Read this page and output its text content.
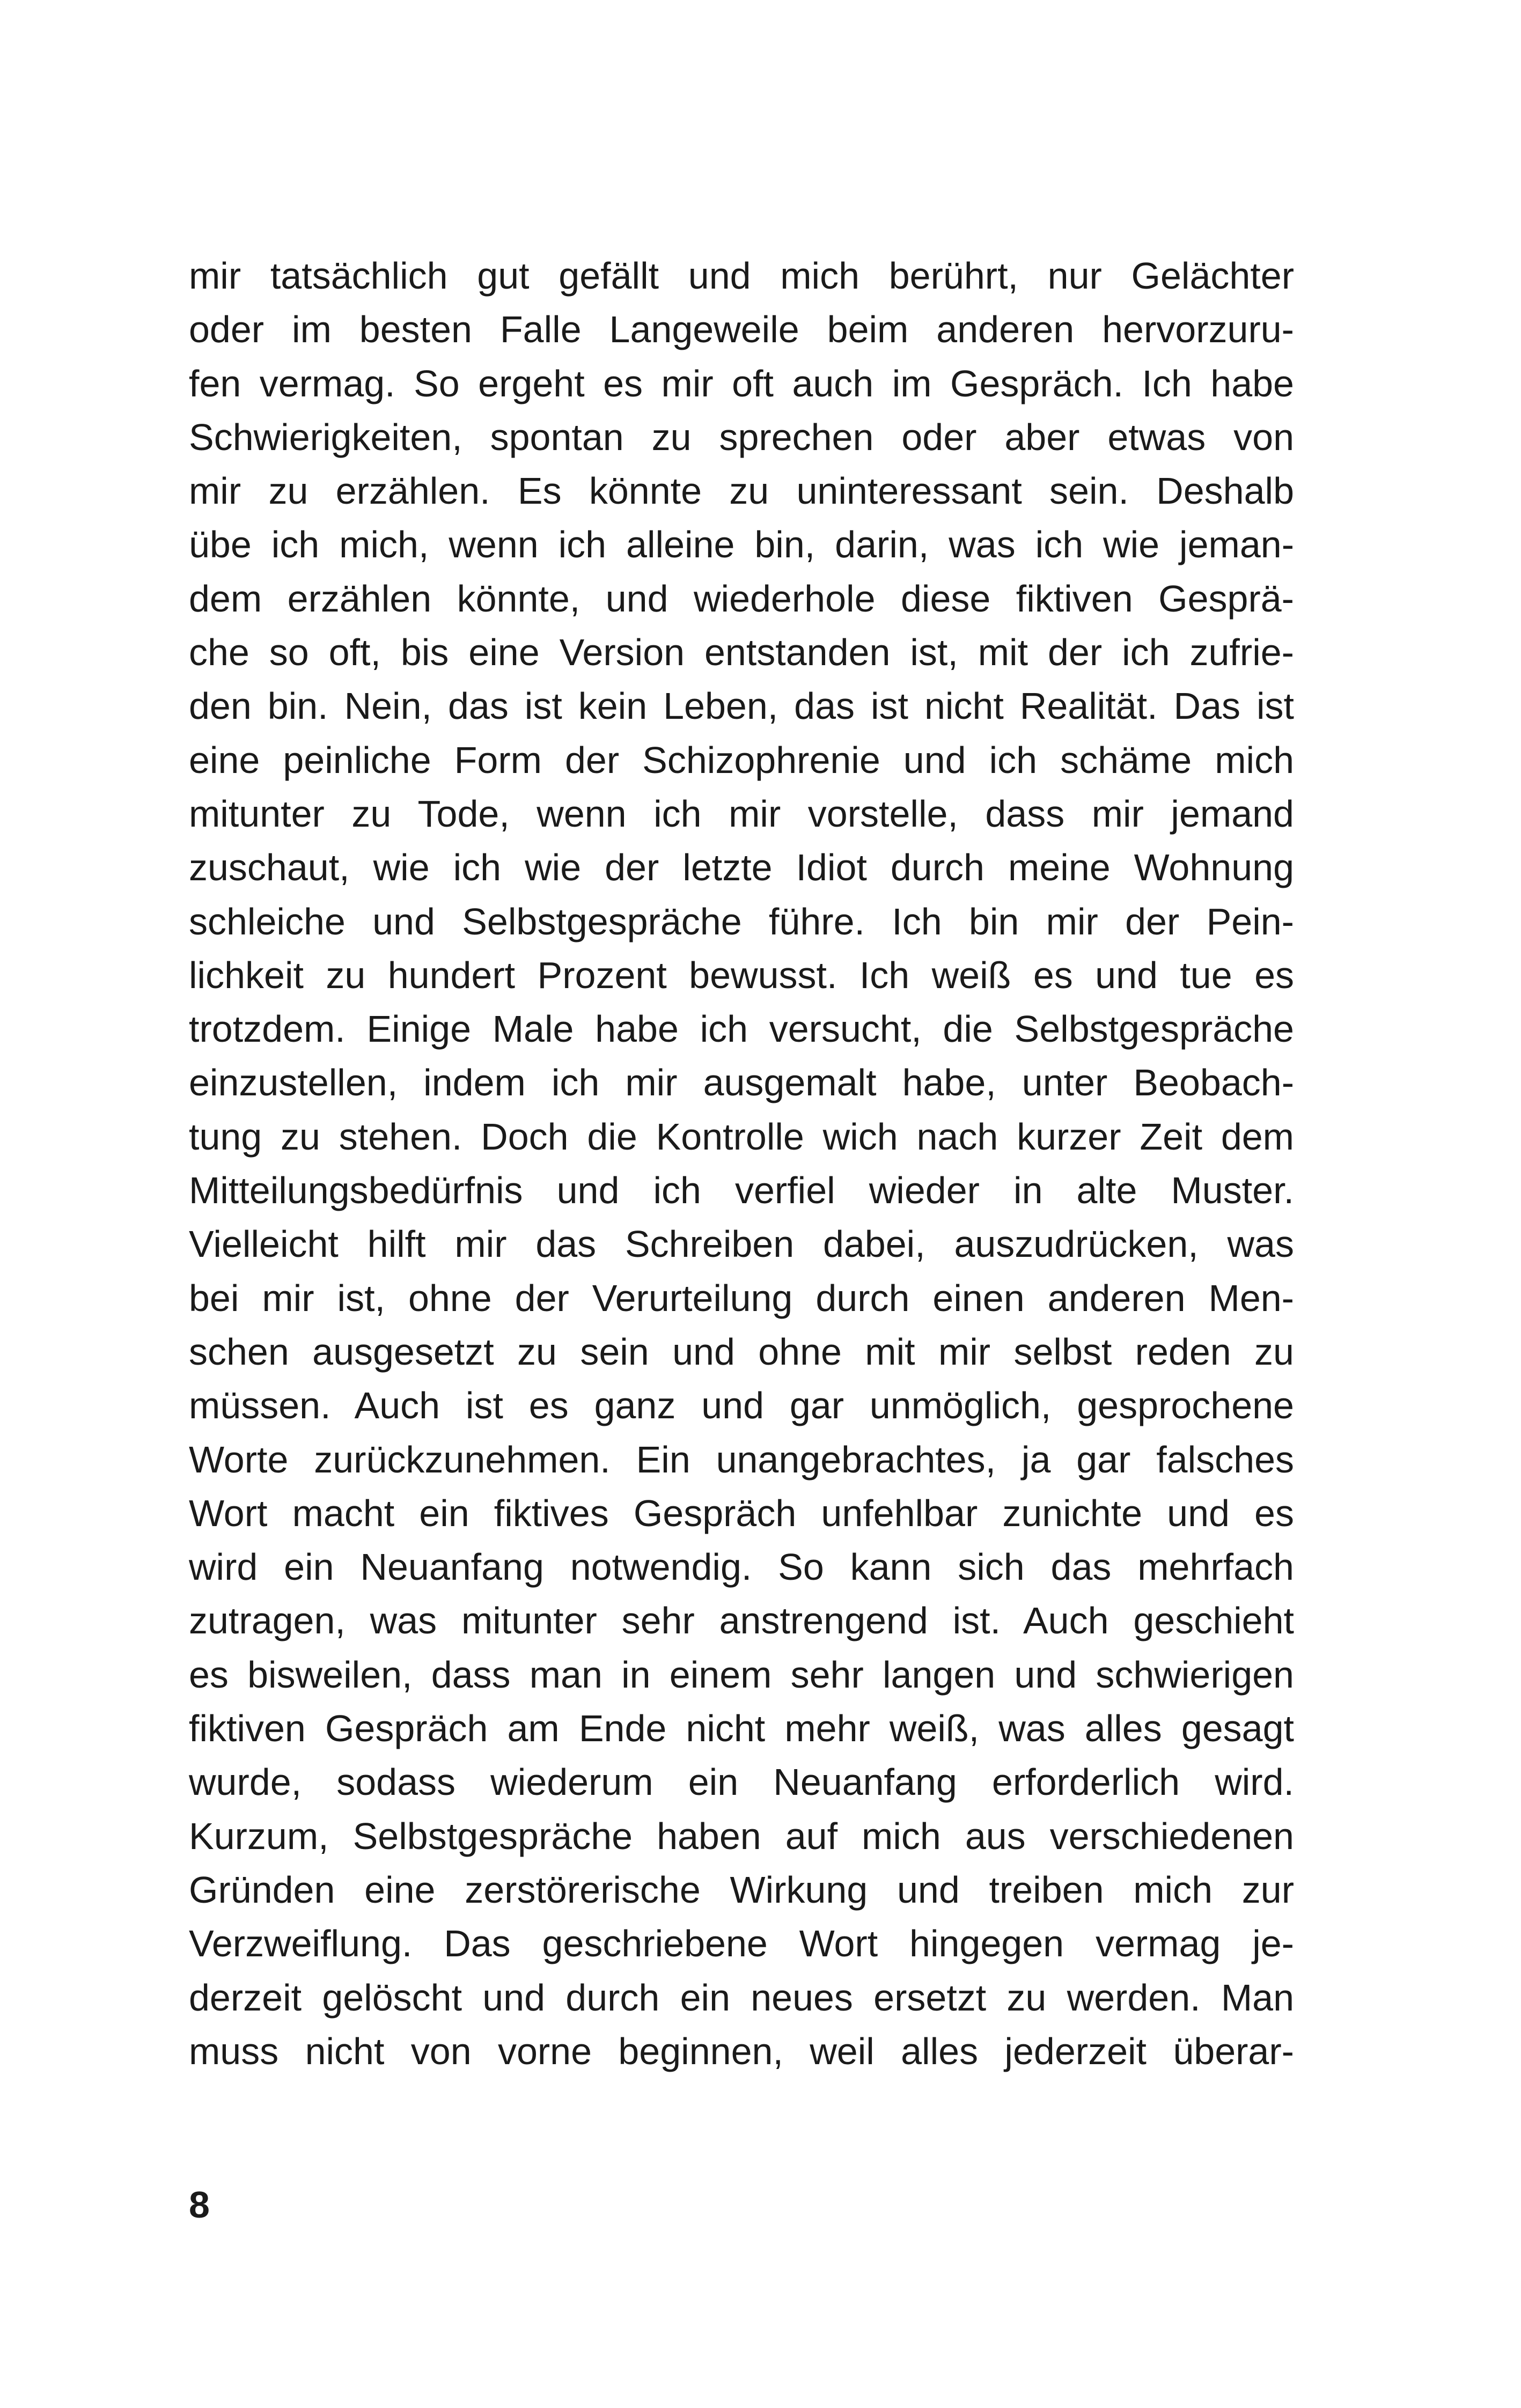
mir tatsächlich gut gefällt und mich berührt, nur Gelächter
oder im besten Falle Langeweile beim anderen hervorzuru-
fen vermag. So ergeht es mir oft auch im Gespräch. Ich habe
Schwierigkeiten, spontan zu sprechen oder aber etwas von
mir zu erzählen. Es könnte zu uninteressant sein. Deshalb
übe ich mich, wenn ich alleine bin, darin, was ich wie jeman-
dem erzählen könnte, und wiederhole diese fiktiven Gesprä-
che so oft, bis eine Version entstanden ist, mit der ich zufrie-
den bin. Nein, das ist kein Leben, das ist nicht Realität. Das ist
eine peinliche Form der Schizophrenie und ich schäme mich
mitunter zu Tode, wenn ich mir vorstelle, dass mir jemand
zuschaut, wie ich wie der letzte Idiot durch meine Wohnung
schleiche und Selbstgespräche führe. Ich bin mir der Pein-
lichkeit zu hundert Prozent bewusst. Ich weiß es und tue es
trotzdem. Einige Male habe ich versucht, die Selbstgespräche
einzustellen, indem ich mir ausgemalt habe, unter Beobach-
tung zu stehen. Doch die Kontrolle wich nach kurzer Zeit dem
Mitteilungsbedürfnis und ich verfiel wieder in alte Muster.
Vielleicht hilft mir das Schreiben dabei, auszudrücken, was
bei mir ist, ohne der Verurteilung durch einen anderen Men-
schen ausgesetzt zu sein und ohne mit mir selbst reden zu
müssen. Auch ist es ganz und gar unmöglich, gesprochene
Worte zurückzunehmen. Ein unangebrachtes, ja gar falsches
Wort macht ein fiktives Gespräch unfehlbar zunichte und es
wird ein Neuanfang notwendig. So kann sich das mehrfach
zutragen, was mitunter sehr anstrengend ist. Auch geschieht
es bisweilen, dass man in einem sehr langen und schwierigen
fiktiven Gespräch am Ende nicht mehr weiß, was alles gesagt
wurde, sodass wiederum ein Neuanfang erforderlich wird.
Kurzum, Selbstgespräche haben auf mich aus verschiedenen
Gründen eine zerstörerische Wirkung und treiben mich zur
Verzweiflung. Das geschriebene Wort hingegen vermag je-
derzeit gelöscht und durch ein neues ersetzt zu werden. Man
muss nicht von vorne beginnen, weil alles jederzeit überar-
8
